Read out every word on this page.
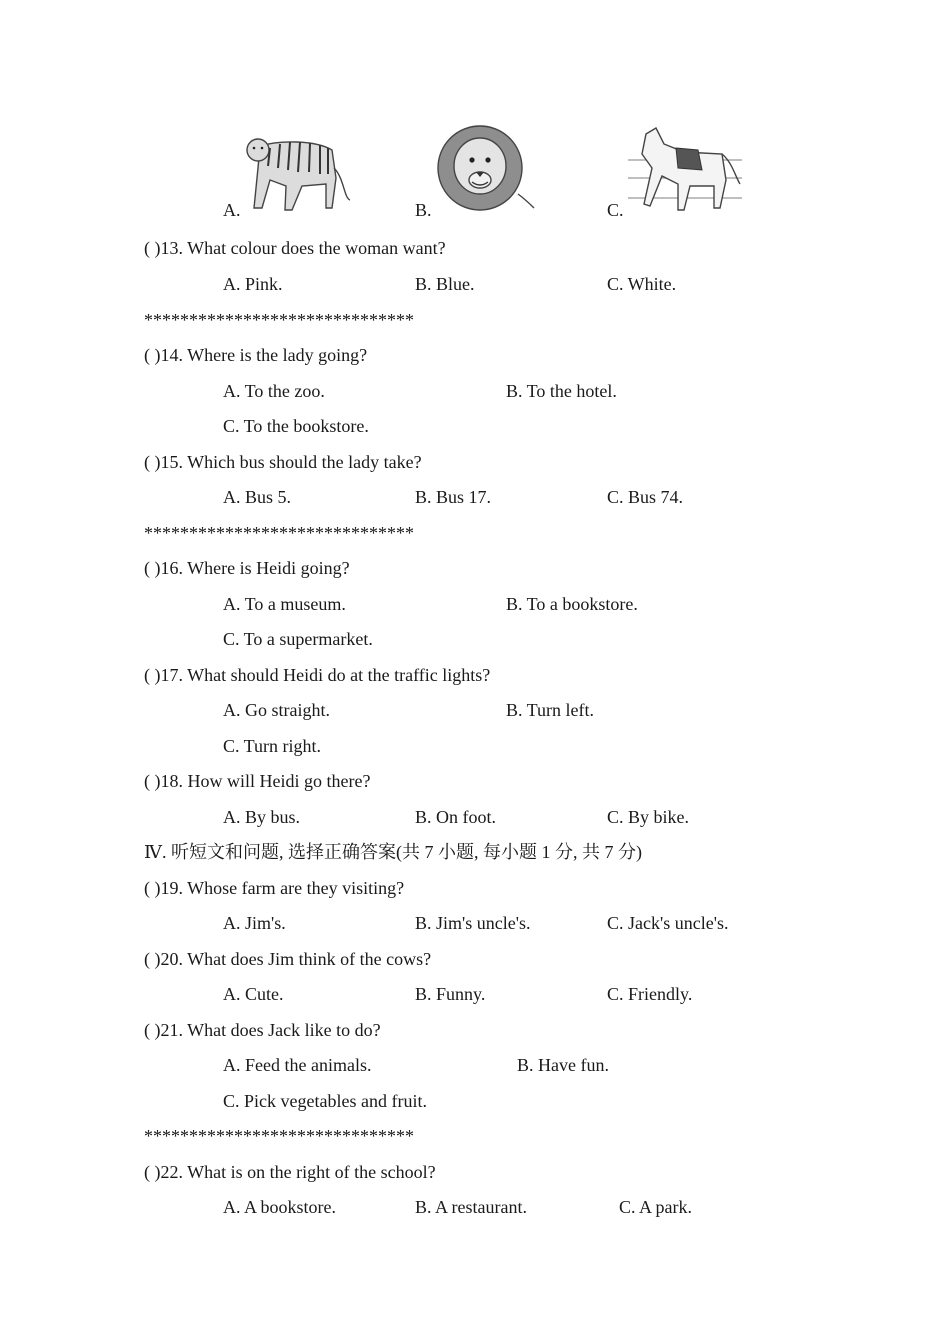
A.	B.	C.
( )13. What colour does the woman want?
A. Pink.	B. Blue.	C. White.
******************************
( )14. Where is the lady going?
A. To the zoo.	B. To the hotel.
C. To the bookstore.
( )15. Which bus should the lady take?
A. Bus 5.	B. Bus 17.	C. Bus 74.
******************************
( )16. Where is Heidi going?
A. To a museum.	B. To a bookstore.
C. To a supermarket.
( )17. What should Heidi do at the traffic lights?
A. Go straight.	B. Turn left.
C. Turn right.
( )18. How will Heidi go there?
A. By bus.	B. On foot.	C. By bike.
Ⅳ. 听短文和问题, 选择正确答案(共 7 小题, 每小题 1 分, 共 7 分)
( )19. Whose farm are they visiting?
A. Jim's.	B. Jim's uncle's.	C. Jack's uncle's.
( )20. What does Jim think of the cows?
A. Cute.	B. Funny.	C. Friendly.
( )21. What does Jack like to do?
A. Feed the animals.	B. Have fun.
C. Pick vegetables and fruit.
******************************
( )22. What is on the right of the school?
A. A bookstore.	B. A restaurant.	C. A park.
